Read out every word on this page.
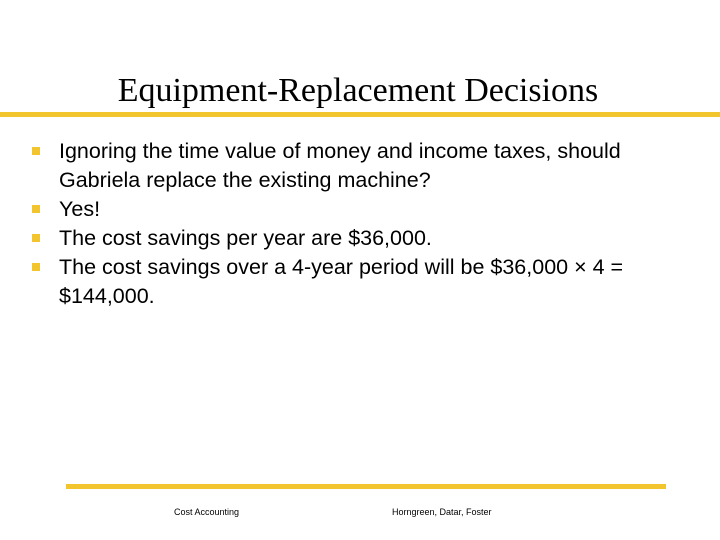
Equipment-Replacement Decisions
Ignoring the time value of money and income taxes, should Gabriela replace the existing machine?
Yes!
The cost savings per year are $36,000.
The cost savings over a 4-year period will be $36,000 × 4 = $144,000.
Cost Accounting	Horngreen, Datar, Foster
